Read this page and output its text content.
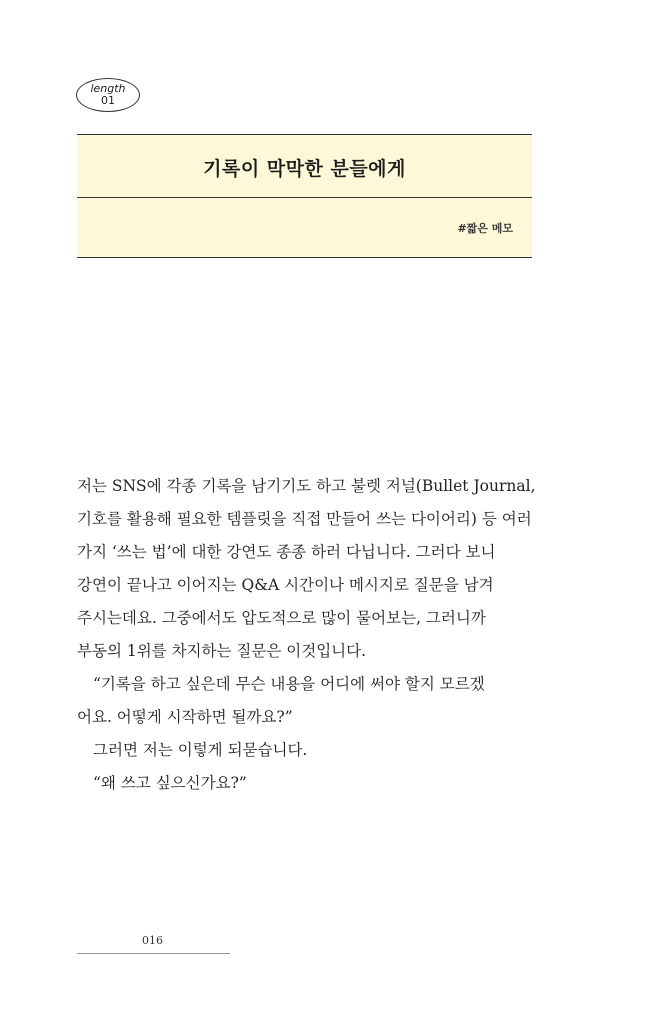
length
01
기록이 막막한 분들에게
#짧은 메모

저는 SNS에 각종 기록을 남기기도 하고 불렛 저널(Bullet Journal,

기호를 활용해 필요한 템플릿을 직접 만들어 쓰는 다이어리) 등 여러

가지 ‘쓰는 법’에 대한 강연도 종종 하러 다닙니다. 그러다 보니

강연이 끝나고 이어지는 Q&A 시간이나 메시지로 질문을 남겨

주시는데요. 그중에서도 압도적으로 많이 물어보는, 그러니까

부동의 1위를 차지하는 질문은 이것입니다.

“기록을 하고 싶은데 무슨 내용을 어디에 써야 할지 모르겠

어요. 어떻게 시작하면 될까요?”

그러면 저는 이렇게 되묻습니다.

“왜 쓰고 싶으신가요?”

016
